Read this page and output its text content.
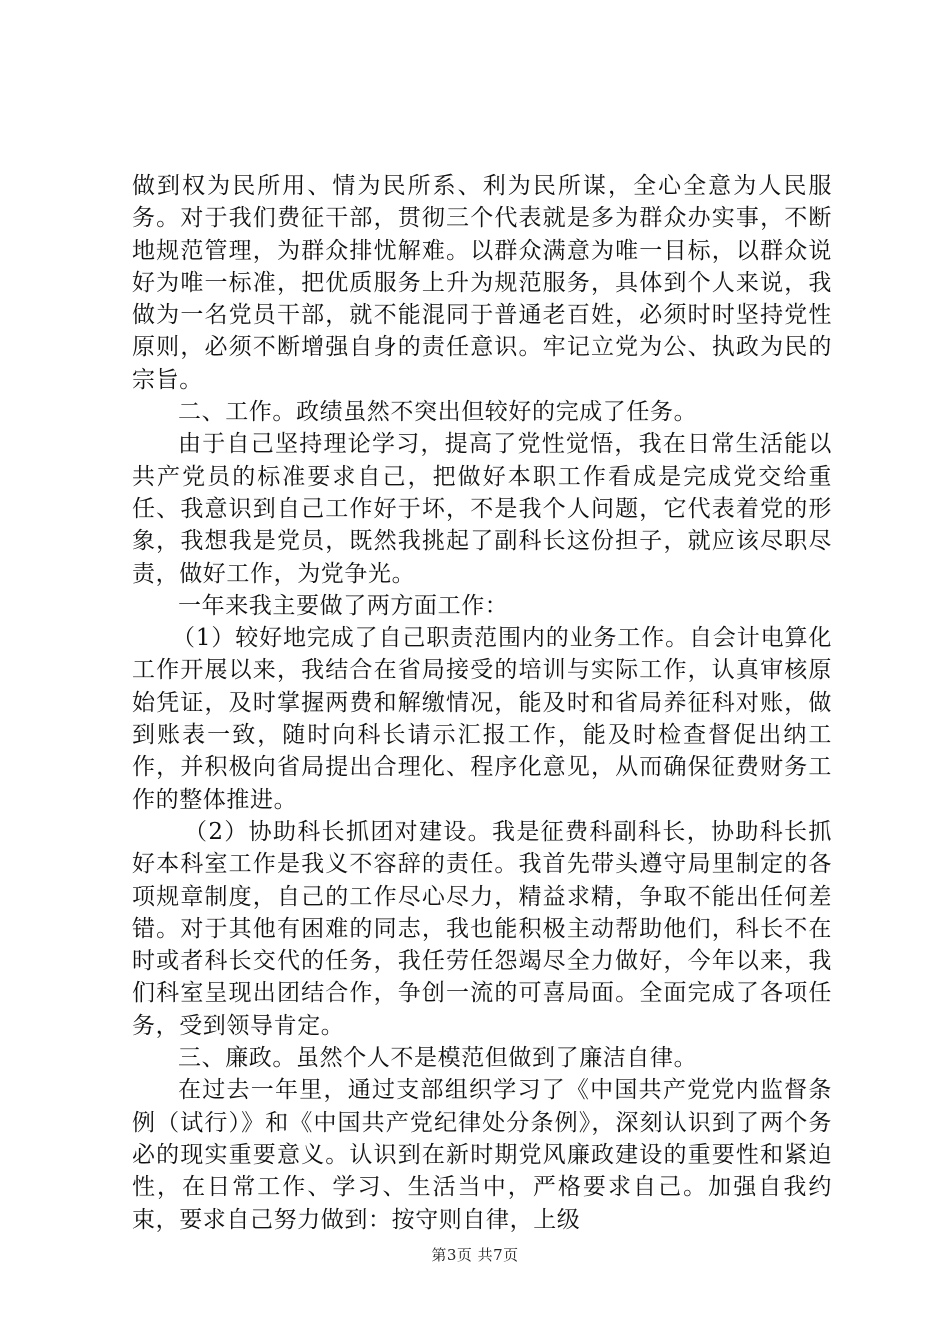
做到权为民所用、情为民所系、利为民所谋，全心全意为人民服务。对于我们费征干部，贯彻三个代表就是多为群众办实事，不断地规范管理，为群众排忧解难。以群众满意为唯一目标，以群众说好为唯一标准，把优质服务上升为规范服务，具体到个人来说，我做为一名党员干部，就不能混同于普通老百姓，必须时时坚持党性原则，必须不断增强自身的责任意识。牢记立党为公、执政为民的宗旨。

二、工作。政绩虽然不突出但较好的完成了任务。

由于自己坚持理论学习，提高了党性觉悟，我在日常生活能以共产党员的标准要求自己，把做好本职工作看成是完成党交给重任、我意识到自己工作好于坏，不是我个人问题，它代表着党的形象，我想我是党员，既然我挑起了副科长这份担子，就应该尽职尽责，做好工作，为党争光。

一年来我主要做了两方面工作：

（1）较好地完成了自己职责范围内的业务工作。自会计电算化工作开展以来，我结合在省局接受的培训与实际工作，认真审核原始凭证，及时掌握两费和解缴情况，能及时和省局养征科对账，做到账表一致，随时向科长请示汇报工作，能及时检查督促出纳工作，并积极向省局提出合理化、程序化意见，从而确保征费财务工作的整体推进。

（2）协助科长抓团对建设。我是征费科副科长，协助科长抓好本科室工作是我义不容辞的责任。我首先带头遵守局里制定的各项规章制度，自己的工作尽心尽力，精益求精，争取不能出任何差错。对于其他有困难的同志，我也能积极主动帮助他们，科长不在时或者科长交代的任务，我任劳任怨竭尽全力做好，今年以来，我们科室呈现出团结合作，争创一流的可喜局面。全面完成了各项任务，受到领导肯定。

三、廉政。虽然个人不是模范但做到了廉洁自律。

在过去一年里，通过支部组织学习了《中国共产党党内监督条例（试行）》和《中国共产党纪律处分条例》，深刻认识到了两个务必的现实重要意义。认识到在新时期党风廉政建设的重要性和紧迫性，在日常工作、学习、生活当中，严格要求自己。加强自我约束，要求自己努力做到：按守则自律，上级

第3页 共7页
